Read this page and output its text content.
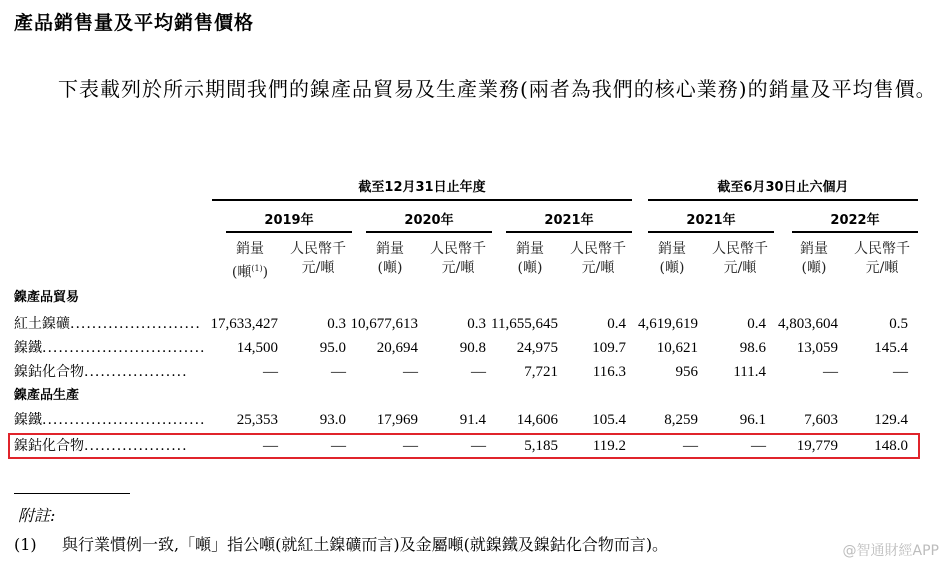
產品銷售量及平均銷售價格
下表載列於所示期間我們的鎳產品貿易及生產業務(兩者為我們的核心業務)的銷量及平均售價。
截至12月31日止年度	截至6月30日止六個月
2019年	2020年	2021年	2021年	2022年
銷量
(噸$^{(1)}$)
人民幣千
元/噸
銷量
(噸)
人民幣千
元/噸
銷量
(噸)
人民幣千
元/噸
銷量
(噸)
人民幣千
元/噸
銷量
(噸)
人民幣千
元/噸
鎳產品貿易
紅土鎳礦........................ 17,633,427	0.3 10,677,613	0.3 11,655,645	0.4 4,619,619	0.4 4,803,604	0.5
鎳鐵..............................	14,500	95.0	20,694	90.8	24,975	109.7	10,621	98.6	13,059	145.4
鎳鈷化合物...................	—	—	—	—	7,721	116.3	956	111.4	—	—
鎳產品生產
鎳鐵..............................	25,353	93.0	17,969	91.4	14,606	105.4	8,259	96.1	7,603	129.4
鎳鈷化合物...................	—	—	—	—	5,185	119.2	—	—	19,779	148.0
附註:
(1) 與行業慣例一致,「噸」指公噸(就紅土鎳礦而言)及金屬噸(就鎳鐵及鎳鈷化合物而言)。	@智通財經APP
